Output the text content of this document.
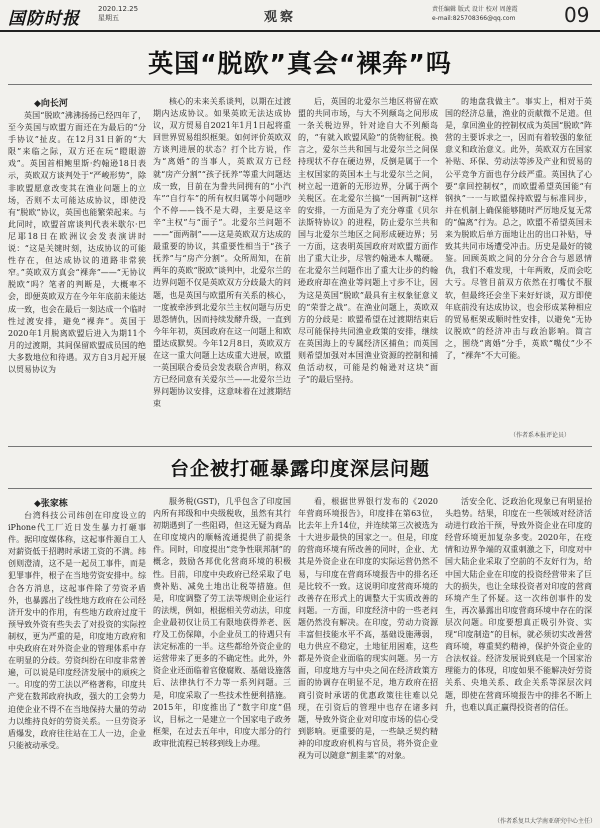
国防时报	2020.12.25
星期五	观察
责任编辑 版式 设计 校对 周莲霞
e-mail:825708366@qq.com 09
英国“脱欧”真会“裸奔”吗
◆向长河

英国“脱欧”沸沸扬扬已经四年了，至今英国与欧盟方面还在为最后的“分手协议”扯皮。在12月31日新的“大限”来临之际，双方还在玩“瞪眼游戏”。英国首相鲍里斯·约翰逊18日表示，英欧双方谈判处于“严峻形势”，除非欧盟愿意改变其在渔业问题上的立场，否则不太可能达成协议，即使没有“脱欧”协议，英国也能繁荣起来。与此同时，欧盟首席谈判代表米歇尔·巴尼耶18日在欧洲议会发表演讲时说：“这是关键时刻，达成协议的可能性存在，但达成协议的道路非常狭窄。”英欧双方真会“裸奔”——“无协议脱欧”吗？笔者的判断是，大概率不会，即便英欧双方在今年年底前未能达成一致，也会在最后一刻达成一个临时性过渡安排，避免“裸奔”。英国于2020年1月脱离欧盟后进入为期11个月的过渡期，其间保留欧盟成员国的绝大多数地位和待遇。双方自3月起开展以贸易协议为

核心的未来关系谈判，以期在过渡期内达成协议。如果英欧无法达成协议，双方贸易自2021年1月1日起将重回世界贸易组织框架。如何评价英欧双方谈判进展的状态？打个比方说，作为“离婚”的当事人，英欧双方已经就“房产分割”“孩子抚养”等重大问题达成一致，目前在为誊共同拥有的“小汽车”“自行车”的所有权归属等小问题吵个不停——钱不是大碍，主要是这辛辛“主权”与“面子”。北爱尔兰问题不——“面两制”——这是英欧双方达成的最重要的协议，其重要性相当于“孩子抚养”与“房产分割”。众所周知，在前两年的英欧“脱欧”谈判中，北爱尔兰的边界问题不仅是英欧双方分歧最大的问题，也是英国与欧盟所有关系的核心，一度被牵涉到北爱尔兰主权问题与历史恩怨情仇，因而持续发酵升级，一直到今年年初，英国政府在这一问题上和欧盟达成默契。今年12月8日，英欧双方在这一重大问题上达成重大进展，欧盟一英国联合委员会发表联合声明，称双方已经同意有关爱尔兰——北爱尔兰边界问题协议安排，这意味着在过渡期结束

后，英国的北爱尔兰地区将留在欧盟的共同市场，与大不列颠岛之间形成一条关税边界，针对途自大不列颠岛的，“有就入欧盟风险”的货物征税。换言之，爱尔兰共和国与北爱尔兰之间保持现状不存在硬边界，反倒是属于一个主权国家的英国本土与北爱尔兰之间，树立起一道新的无形边界，分属于两个关税区。在北爱尔兰搞“一国两制”这样的安排，一方面是为了充分尊重《贝尔法斯特协议》的进程，防止爱尔兰共和国与北爱尔兰地区之间形成硬边界；另一方面，这表明英国政府对欧盟方面作出了重大让步，尽管约翰逊本人嘴硬。在北爱尔兰问题作出了重大让步的约翰逊政府却在渔业等问题上寸步不让，因为这是英国“脱欧”最具有主权象征意义的“荣誉之战”。在渔业问题上，英欧双方的分歧是：欧盟希望在过渡期结束后尽可能保持共同渔业政策的安排，继续在英国海上的专属经济区捕鱼；而英国则希望加强对本国渔业资源的控制和捕鱼活动权，可能是约翰逊对这块“面子”的最后坚持。

的地盘我做主”。事实上，相对于英国的经济总量，渔业的贡献微不足道。但是，拿回渔业的控制权成为英国“脱欧”阵营的主要诉求之一，因而有着较强的象征意义和政治意义。此外，英欧双方在国家补贴、环保、劳动法等涉及产业和贸易的公平竞争方面也存分歧严重。英国执了心要“拿回控制权”，而欧盟希望英国能“有钢执”一一与欧盟保持欧盟与标准同步，并在机制上确保能够随时严厉地反复无常的“偏离”行为。总之，欧盟不希望英国未来为脱欧后单方面地让出的出口补贴，导致其共同市场遭受冲击。历史是最好的镜鉴。回顾英欧之间的分分合合与恩恩情仇，我们不难发现，十年两败，反而会吃大亏。尽管目前双方依然在打嘴仗不服软，但最终还会坐下来好好谈，双方即使年底前没有达成协议，也会形成某种相应的贸易框架或顺时性安排，以避免“无协议脱欧”的经济冲击与政治影响。简言之，围绕“离婚”分手，英欧“嘴仗”少不了，“裸奔”不大可能。

（作者系本报评论员）
台企被打砸暴露印度深层问题
◆张家栋

台湾科技公司纬创在印度设立的iPhone代工厂近日发生暴力打砸事件。据印度媒体称，这起事件源自工人对薪资低于招聘时承诺工资的不满。纬创则澄清，这不是一起员工事件，而是犯罪事件，根子在当地劳资安排中。综合各方消息，这起事件除了劳资矛盾外，也暴露出了线性地方政府在公司经济开发中的作用，有些地方政府过度干预导致外资有些失去了对投资的实际控制权，更为严重的是，印度地方政府和中央政府在对外资企业的管理体系中存在明显的分歧。劳资纠纷在印度非常普遍，可以说是印度经济发展中的顽疾之一。印度的劳工法以严格著称，印度共产党在数邦政府执政，强大的工会势力迫使企业不得不在当地保持大量的劳动力以维持良好的劳资关系。一旦劳资矛盾爆发，政府往往站在工人一边，企业只能被动承受。

服务税(GST)，几乎包含了印度国内所有邦级和中央级税收，虽然有其行初期遇到了一些阻碍，但这无疑为商品在印度境内的顺畅流通提供了前提条件。同时，印度提出“竞争性联邦制”的概念，鼓励各邦优化营商环境的积极性。目前，印度中央政府已经采取了电费补贴、减免土地出让税等措施。但是，印度调整了劳工法等规则企业运行的法规，例如，根据相关劳动法，印度企业最初仅让员工有限地获得养老、医疗及工伤保障，小企业员工的待遇只有法定标准的一半。这些都给外资企业的运营带来了更多的不确定性。此外，外资企业还面临着官僚腐败、基础设施落后、法律执行不力等一系列问题。三是，印度采取了一些技术性便利措施。2015年，印度推出了“数字印度”倡议，目标之一是建立一个国家电子政务框架，在过去五年中，印度大部分的行政审批流程已转移到线上办理。

看，根据世界银行发布的《2020年营商环境报告》，印度排在第63位，比去年上升14位，并连续第三次被选为十大进步最快的国家之一。但是，印度的营商环境有所改善的同时，企业、尤其是外资企业在印度的实际运营仍然不易，与印度在营商环境报告中的排名还是比较不一致。这说明印度营商环境的改善存在形式上的调整大于实质改善的问题。一方面，印度经济中的一些老问题仍然没有解决。在印度，劳动力资源丰富但技能水平不高，基础设施薄弱，电力供应不稳定，土地征用困难，这些都是外资企业面临的现实问题。另一方面，印度地方与中央之间在经济政策方面的协调存在明显不足，地方政府在招商引资时承诺的优惠政策往往难以兑现，在引资后的管理中也存在诸多问题，导致外资企业对印度市场的信心受到影响。更重要的是，一些缺乏契约精神的印度政府机构与官员，将外资企业视为可以随意“割韭菜”的对象。

活安全化、泛政治化现象已有明显抬头趋势。结果，印度在一些领域对经济活动进行政治干预，导致外资企业在印度的经营环境更加复杂多变。2020年，在疫情和边界争端的双重刺激之下，印度对中国大陆企业采取了空前的不友好行为，给中国大陆企业在印度的投资经营带来了巨大的损失，也让全球投资者对印度的营商环境产生了怀疑。这一次纬创事件的发生，再次暴露出印度营商环境中存在的深层次问题。印度要想真正吸引外资、实现“印度制造”的目标，就必须切实改善营商环境，尊重契约精神，保护外资企业的合法权益。经济发展说到底是一个国家治理能力的体现，印度如果不能解决好劳资关系、央地关系、政企关系等深层次问题，即使在营商环境报告中的排名不断上升，也难以真正赢得投资者的信任。

（作者系复旦大学南亚研究中心主任）
